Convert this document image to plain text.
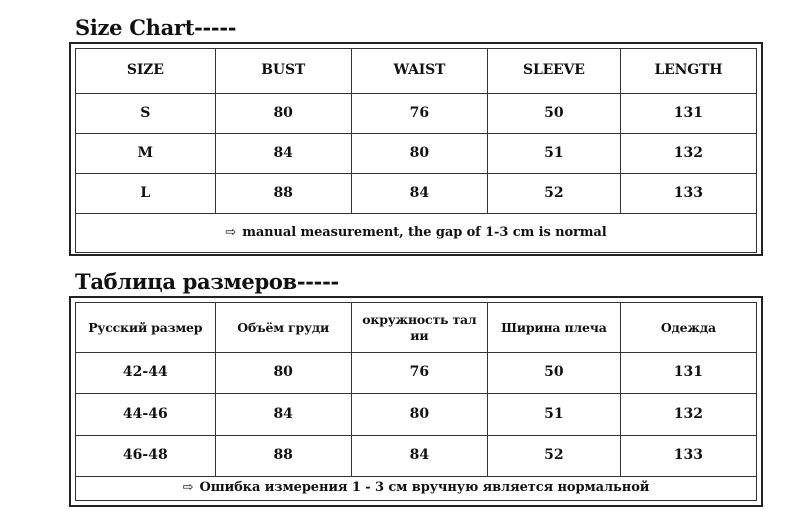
Size Chart-----
SIZE	BUST	WAIST	SLEEVE	LENGTH
S	80	76	50	131
M	84	80	51	132
L	88	84	52	133
⇨ manual measurement, the gap of 1-3 cm is normal				
Таблица размеров-----
Русский размер	Объём груди	окружность тал ии	Ширина плеча	Одежда
42-44	80	76	50	131
44-46	84	80	51	132
46-48	88	84	52	133
⇨ Ошибка измерения 1 - 3 см вручную является нормальной				
